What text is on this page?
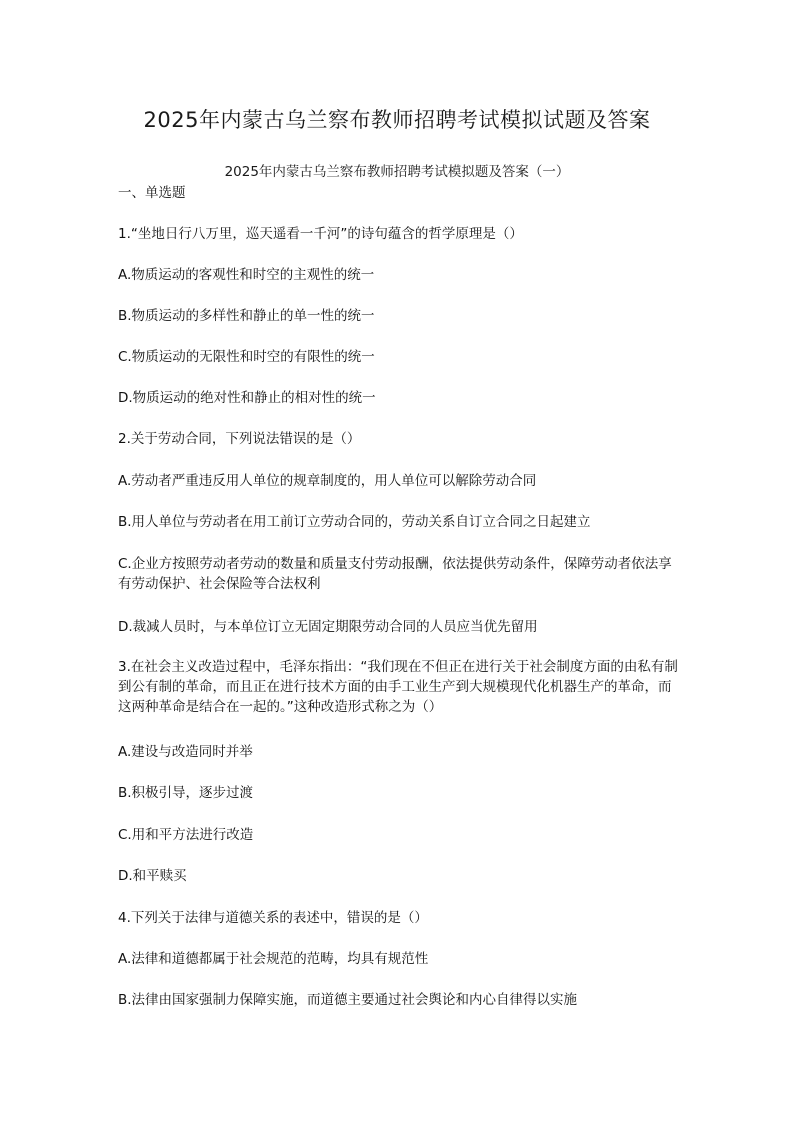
2025年内蒙古乌兰察布教师招聘考试模拟试题及答案
2025年内蒙古乌兰察布教师招聘考试模拟题及答案（一）
一、单选题
1.“坐地日行八万里，巡天遥看一千河”的诗句蕴含的哲学原理是（）
A.物质运动的客观性和时空的主观性的统一
B.物质运动的多样性和静止的单一性的统一
C.物质运动的无限性和时空的有限性的统一
D.物质运动的绝对性和静止的相对性的统一
2.关于劳动合同，下列说法错误的是（）
A.劳动者严重违反用人单位的规章制度的，用人单位可以解除劳动合同
B.用人单位与劳动者在用工前订立劳动合同的，劳动关系自订立合同之日起建立
C.企业方按照劳动者劳动的数量和质量支付劳动报酬，依法提供劳动条件，保障劳动者依法享有劳动保护、社会保险等合法权利
D.裁减人员时，与本单位订立无固定期限劳动合同的人员应当优先留用
3.在社会主义改造过程中，毛泽东指出：“我们现在不但正在进行关于社会制度方面的由私有制到公有制的革命，而且正在进行技术方面的由手工业生产到大规模现代化机器生产的革命，而这两种革命是结合在一起的。”这种改造形式称之为（）
A.建设与改造同时并举
B.积极引导，逐步过渡
C.用和平方法进行改造
D.和平赎买
4.下列关于法律与道德关系的表述中，错误的是（）
A.法律和道德都属于社会规范的范畴，均具有规范性
B.法律由国家强制力保障实施，而道德主要通过社会舆论和内心自律得以实施
